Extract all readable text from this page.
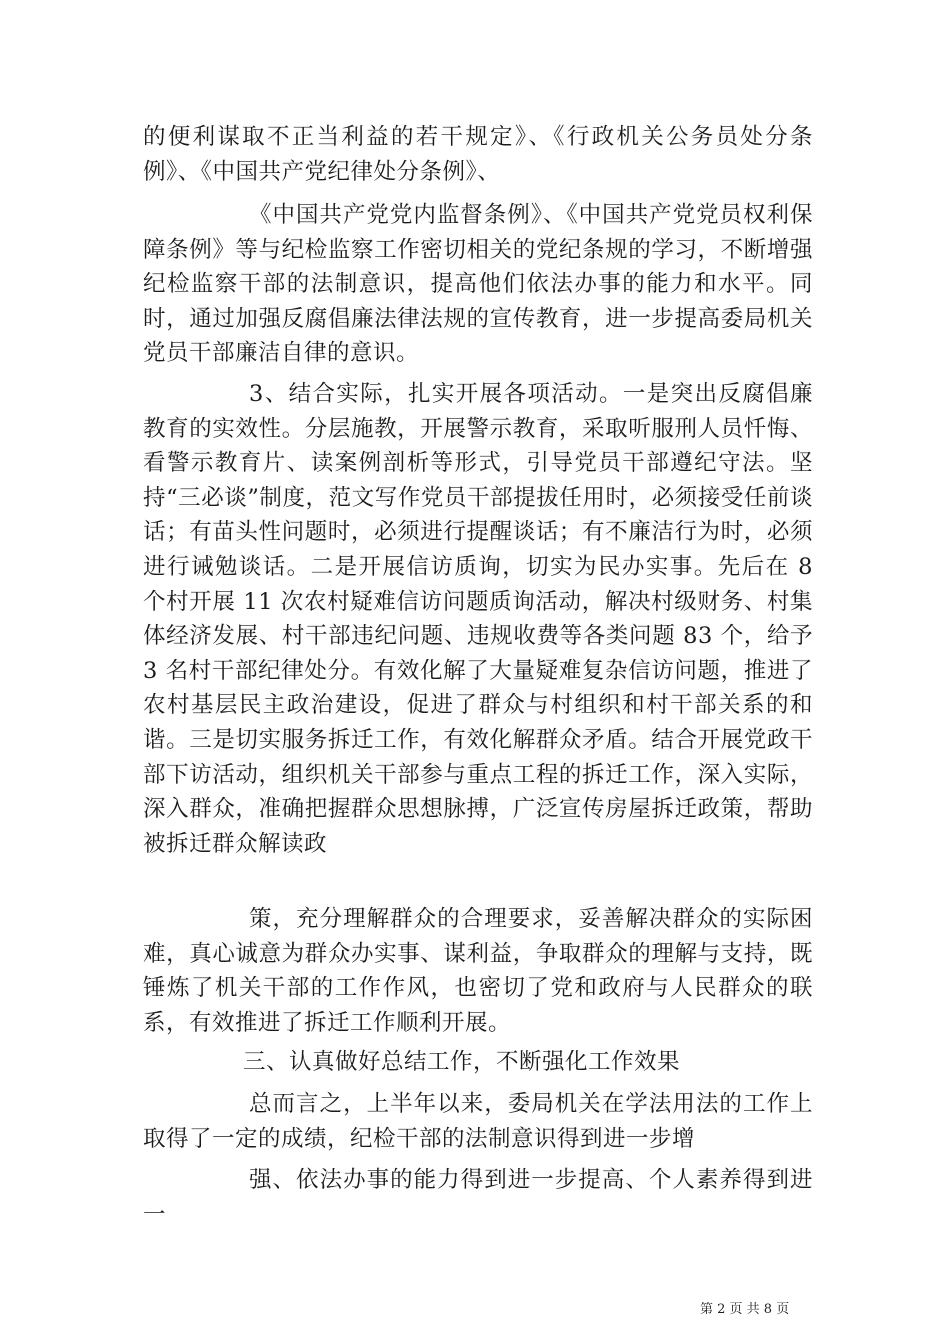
的便利谋取不正当利益的若干规定》、《行政机关公务员处分条例》、《中国共产党纪律处分条例》、

《中国共产党党内监督条例》、《中国共产党党员权利保障条例》等与纪检监察工作密切相关的党纪条规的学习，不断增强纪检监察干部的法制意识，提高他们依法办事的能力和水平。同时，通过加强反腐倡廉法律法规的宣传教育，进一步提高委局机关党员干部廉洁自律的意识。

3、结合实际，扎实开展各项活动。一是突出反腐倡廉教育的实效性。分层施教，开展警示教育，采取听服刑人员忏悔、看警示教育片、读案例剖析等形式，引导党员干部遵纪守法。坚持“三必谈”制度，范文写作党员干部提拔任用时，必须接受任前谈话；有苗头性问题时，必须进行提醒谈话；有不廉洁行为时，必须进行诫勉谈话。二是开展信访质询，切实为民办实事。先后在 8 个村开展 11 次农村疑难信访问题质询活动，解决村级财务、村集体经济发展、村干部违纪问题、违规收费等各类问题 83 个，给予 3 名村干部纪律处分。有效化解了大量疑难复杂信访问题，推进了农村基层民主政治建设，促进了群众与村组织和村干部关系的和谐。三是切实服务拆迁工作，有效化解群众矛盾。结合开展党政干部下访活动，组织机关干部参与重点工程的拆迁工作，深入实际，深入群众，准确把握群众思想脉搏，广泛宣传房屋拆迁政策，帮助被拆迁群众解读政

策，充分理解群众的合理要求，妥善解决群众的实际困难，真心诚意为群众办实事、谋利益，争取群众的理解与支持，既锤炼了机关干部的工作作风，也密切了党和政府与人民群众的联系，有效推进了拆迁工作顺利开展。

三、认真做好总结工作，不断强化工作效果

总而言之，上半年以来，委局机关在学法用法的工作上取得了一定的成绩，纪检干部的法制意识得到进一步增

强、依法办事的能力得到进一步提高、个人素养得到进一

第 2 页 共 8 页
